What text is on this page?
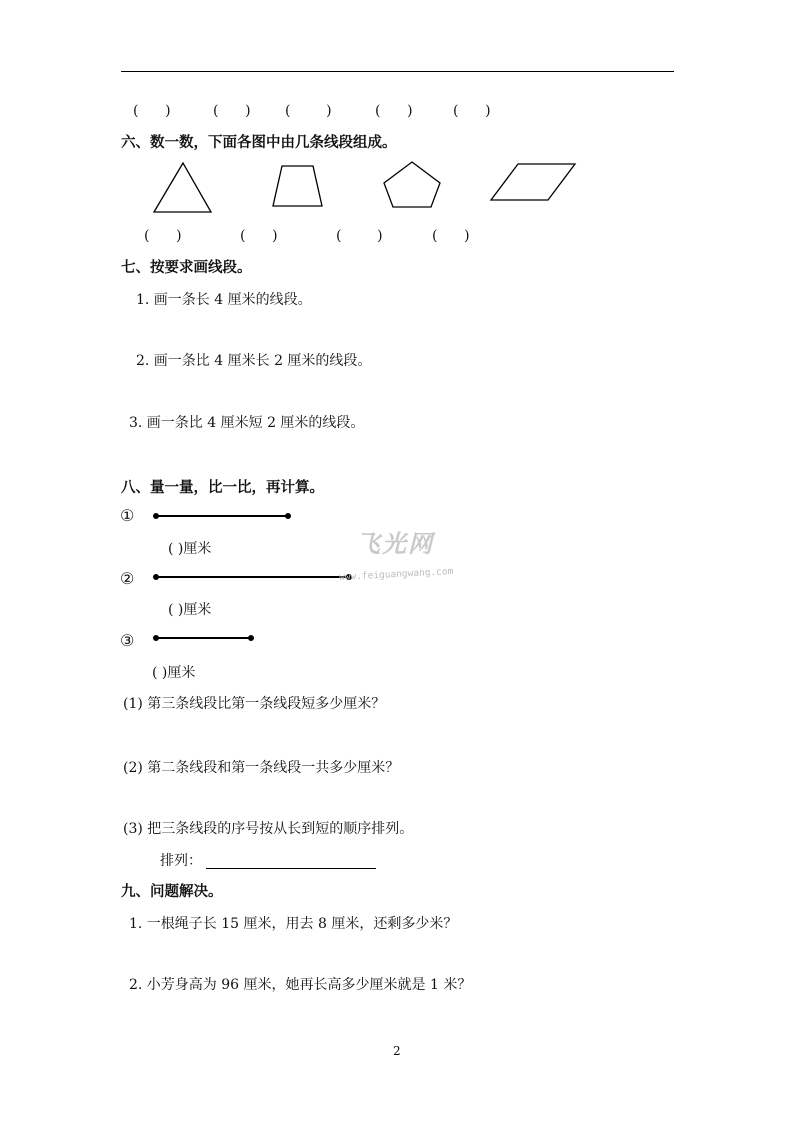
(      )	(      ) (        )	(      )	(      )
六、数一数，下面各图中由几条线段组成。
(      )	(      )	(        )	(      )
七、按要求画线段。
1. 画一条长 4 厘米的线段。
2. 画一条比 4 厘米长 2 厘米的线段。
3. 画一条比 4 厘米短 2 厘米的线段。
八、量一量，比一比，再计算。
①
( )厘米
②
( )厘米
③
( )厘米
飞光网
www.feiguangwang.com
(1) 第三条线段比第一条线段短多少厘米？
(2) 第二条线段和第一条线段一共多少厘米？
(3) 把三条线段的序号按从长到短的顺序排列。
排列：
九、问题解决。
1. 一根绳子长 15 厘米，用去 8 厘米，还剩多少米？
2. 小芳身高为 96 厘米，她再长高多少厘米就是 1 米？
2
